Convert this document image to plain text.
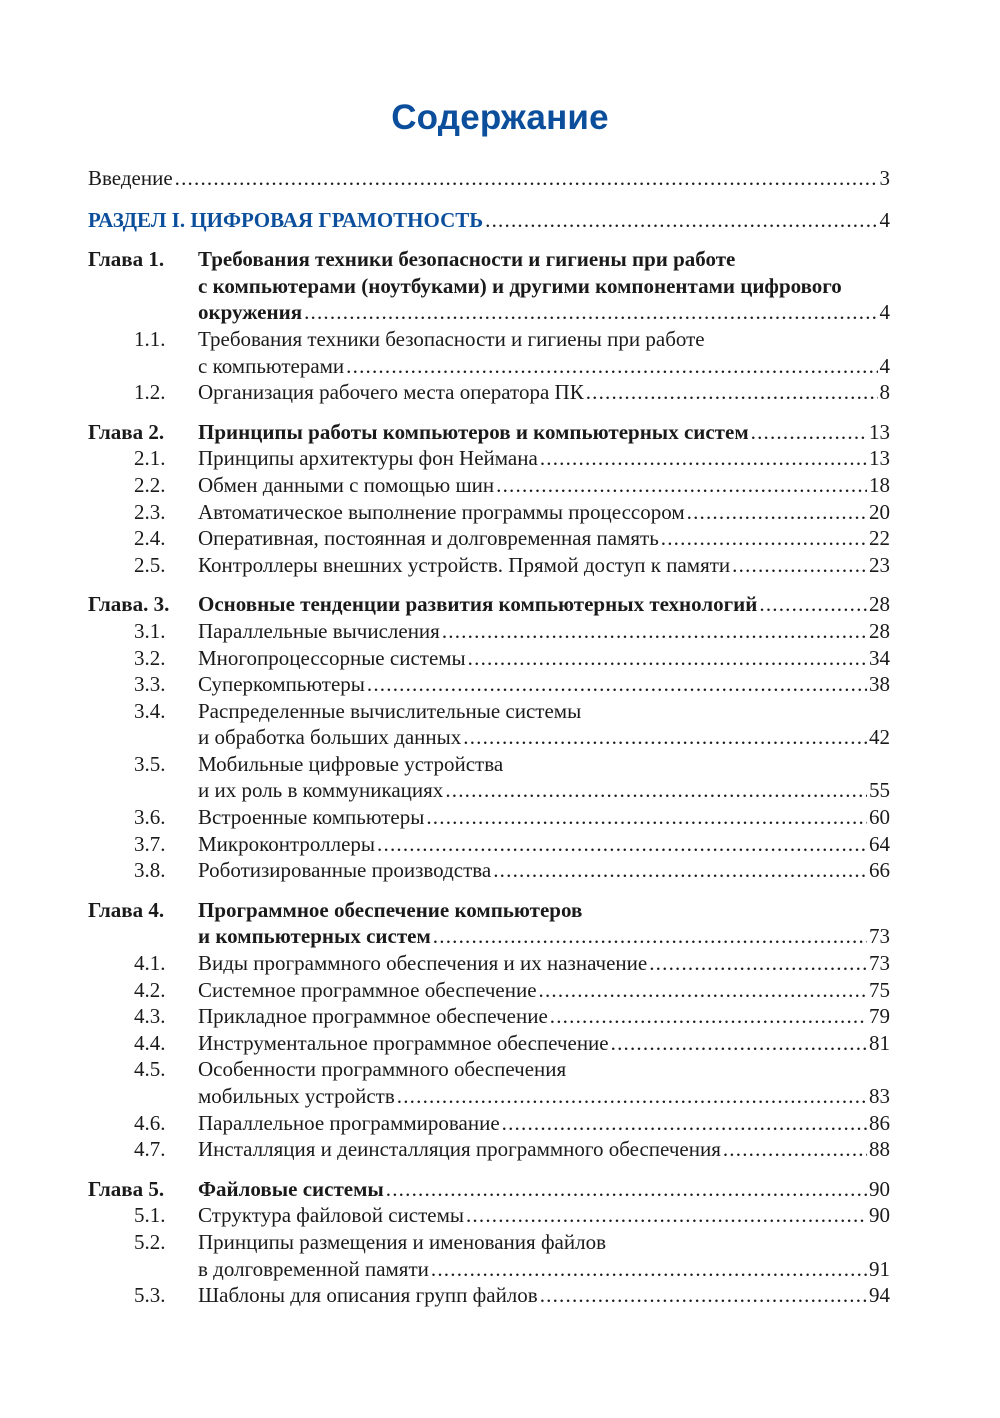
Содержание
Введение .....	3
РАЗДЕЛ I. ЦИФРОВАЯ ГРАМОТНОСТЬ .....	4
Глава 1.	Требования техники безопасности и гигиены при работе
с компьютерами (ноутбуками) и другими компонентами цифрового
окружения .....	4
1.1.	Требования техники безопасности и гигиены при работе
с компьютерами .....	4
1.2.	Организация рабочего места оператора ПК .....	8
Глава 2.	Принципы работы компьютеров и компьютерных систем .....	13
2.1.	Принципы архитектуры фон Неймана .....	13
2.2.	Обмен данными с помощью шин .....	18
2.3.	Автоматическое выполнение программы процессором .....	20
2.4.	Оперативная, постоянная и долговременная память .....	22
2.5.	Контроллеры внешних устройств. Прямой доступ к памяти .....	23
Глава. 3.	Основные тенденции развития компьютерных технологий .....	28
3.1.	Параллельные вычисления .....	28
3.2.	Многопроцессорные системы .....	34
3.3.	Суперкомпьютеры .....	38
3.4.	Распределенные вычислительные системы
и обработка больших данных .....	42
3.5.	Мобильные цифровые устройства
и их роль в коммуникациях .....	55
3.6.	Встроенные компьютеры .....	60
3.7.	Микроконтроллеры .....	64
3.8.	Роботизированные производства .....	66
Глава 4.	Программное обеспечение компьютеров
и компьютерных систем .....	73
4.1.	Виды программного обеспечения и их назначение .....	73
4.2.	Системное программное обеспечение .....	75
4.3.	Прикладное программное обеспечение .....	79
4.4.	Инструментальное программное обеспечение .....	81
4.5.	Особенности программного обеспечения
мобильных устройств .....	83
4.6.	Параллельное программирование .....	86
4.7.	Инсталляция и деинсталляция программного обеспечения .....	88
Глава 5.	Файловые системы .....	90
5.1.	Структура файловой системы .....	90
5.2.	Принципы размещения и именования файлов
в долговременной памяти .....	91
5.3.	Шаблоны для описания групп файлов .....	94
